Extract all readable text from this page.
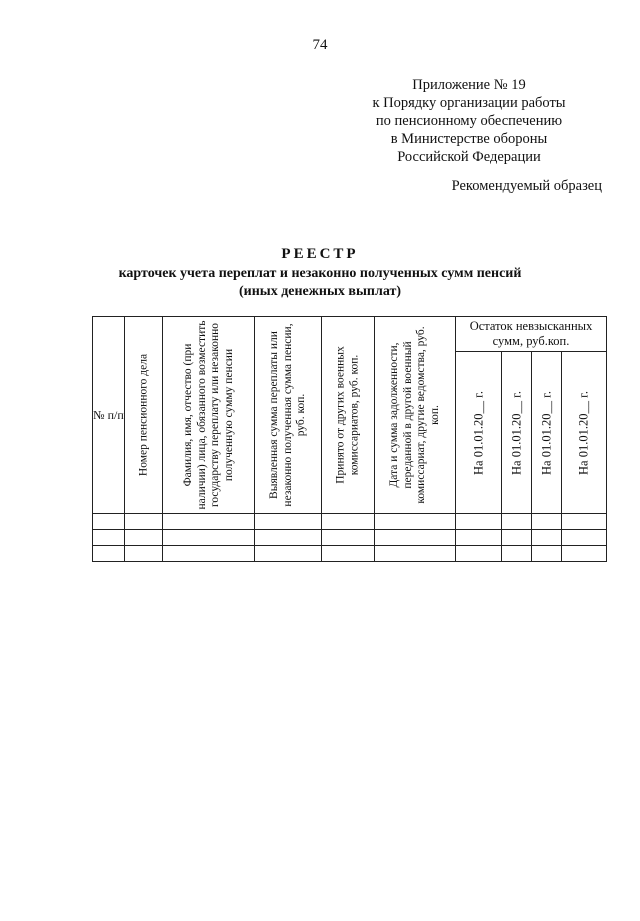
74
Приложение № 19
к Порядку организации работы
по пенсионному обеспечению
в Министерстве обороны
Российской Федерации
Рекомендуемый образец
РЕЕСТР
карточек учета переплат и незаконно полученных сумм пенсий
(иных денежных выплат)
№ п/п	Номер пенсионного дела	Фамилия, имя, отчество (при наличии) лица, обязанного возместить государству переплату или незаконно полученную сумму пенсии	Выявленная сумма переплаты или незаконно полученная сумма пенсии, руб. коп.	Принято от других военных комиссариатов, руб. коп.	Дата и сумма задолженности, переданной в другой военный комиссариат, другие ведомства, руб. коп.	Остаток невзысканных сумм, руб.коп.			

						На 01.01.20__ г.	На 01.01.20__ г.	На 01.01.20__ г.	На 01.01.20__ г.
